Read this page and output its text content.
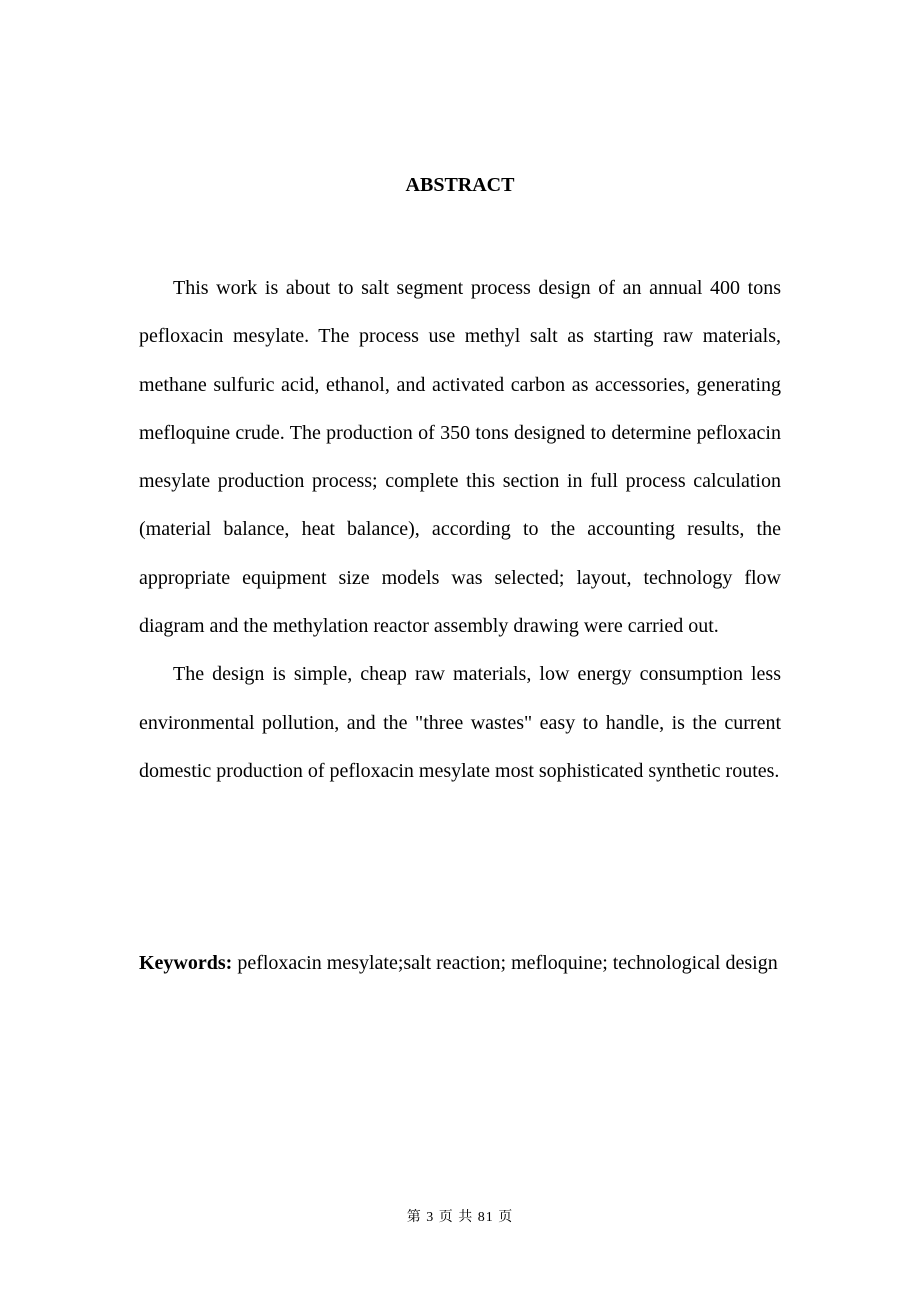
ABSTRACT

This work is about to salt segment process design of an annual 400 tons pefloxacin mesylate. The process use methyl salt as starting raw materials, methane sulfuric acid, ethanol, and activated carbon as accessories, generating mefloquine crude. The production of 350 tons designed to determine pefloxacin mesylate production process; complete this section in full process calculation (material balance, heat balance), according to the accounting results, the appropriate equipment size models was selected; layout, technology flow diagram and the methylation reactor assembly drawing were carried out.

The design is simple, cheap raw materials, low energy consumption less environmental pollution, and the "three wastes" easy to handle, is the current domestic production of pefloxacin mesylate most sophisticated synthetic routes.

Keywords: pefloxacin mesylate;salt reaction; mefloquine; technological design

第 3 页 共 81 页
